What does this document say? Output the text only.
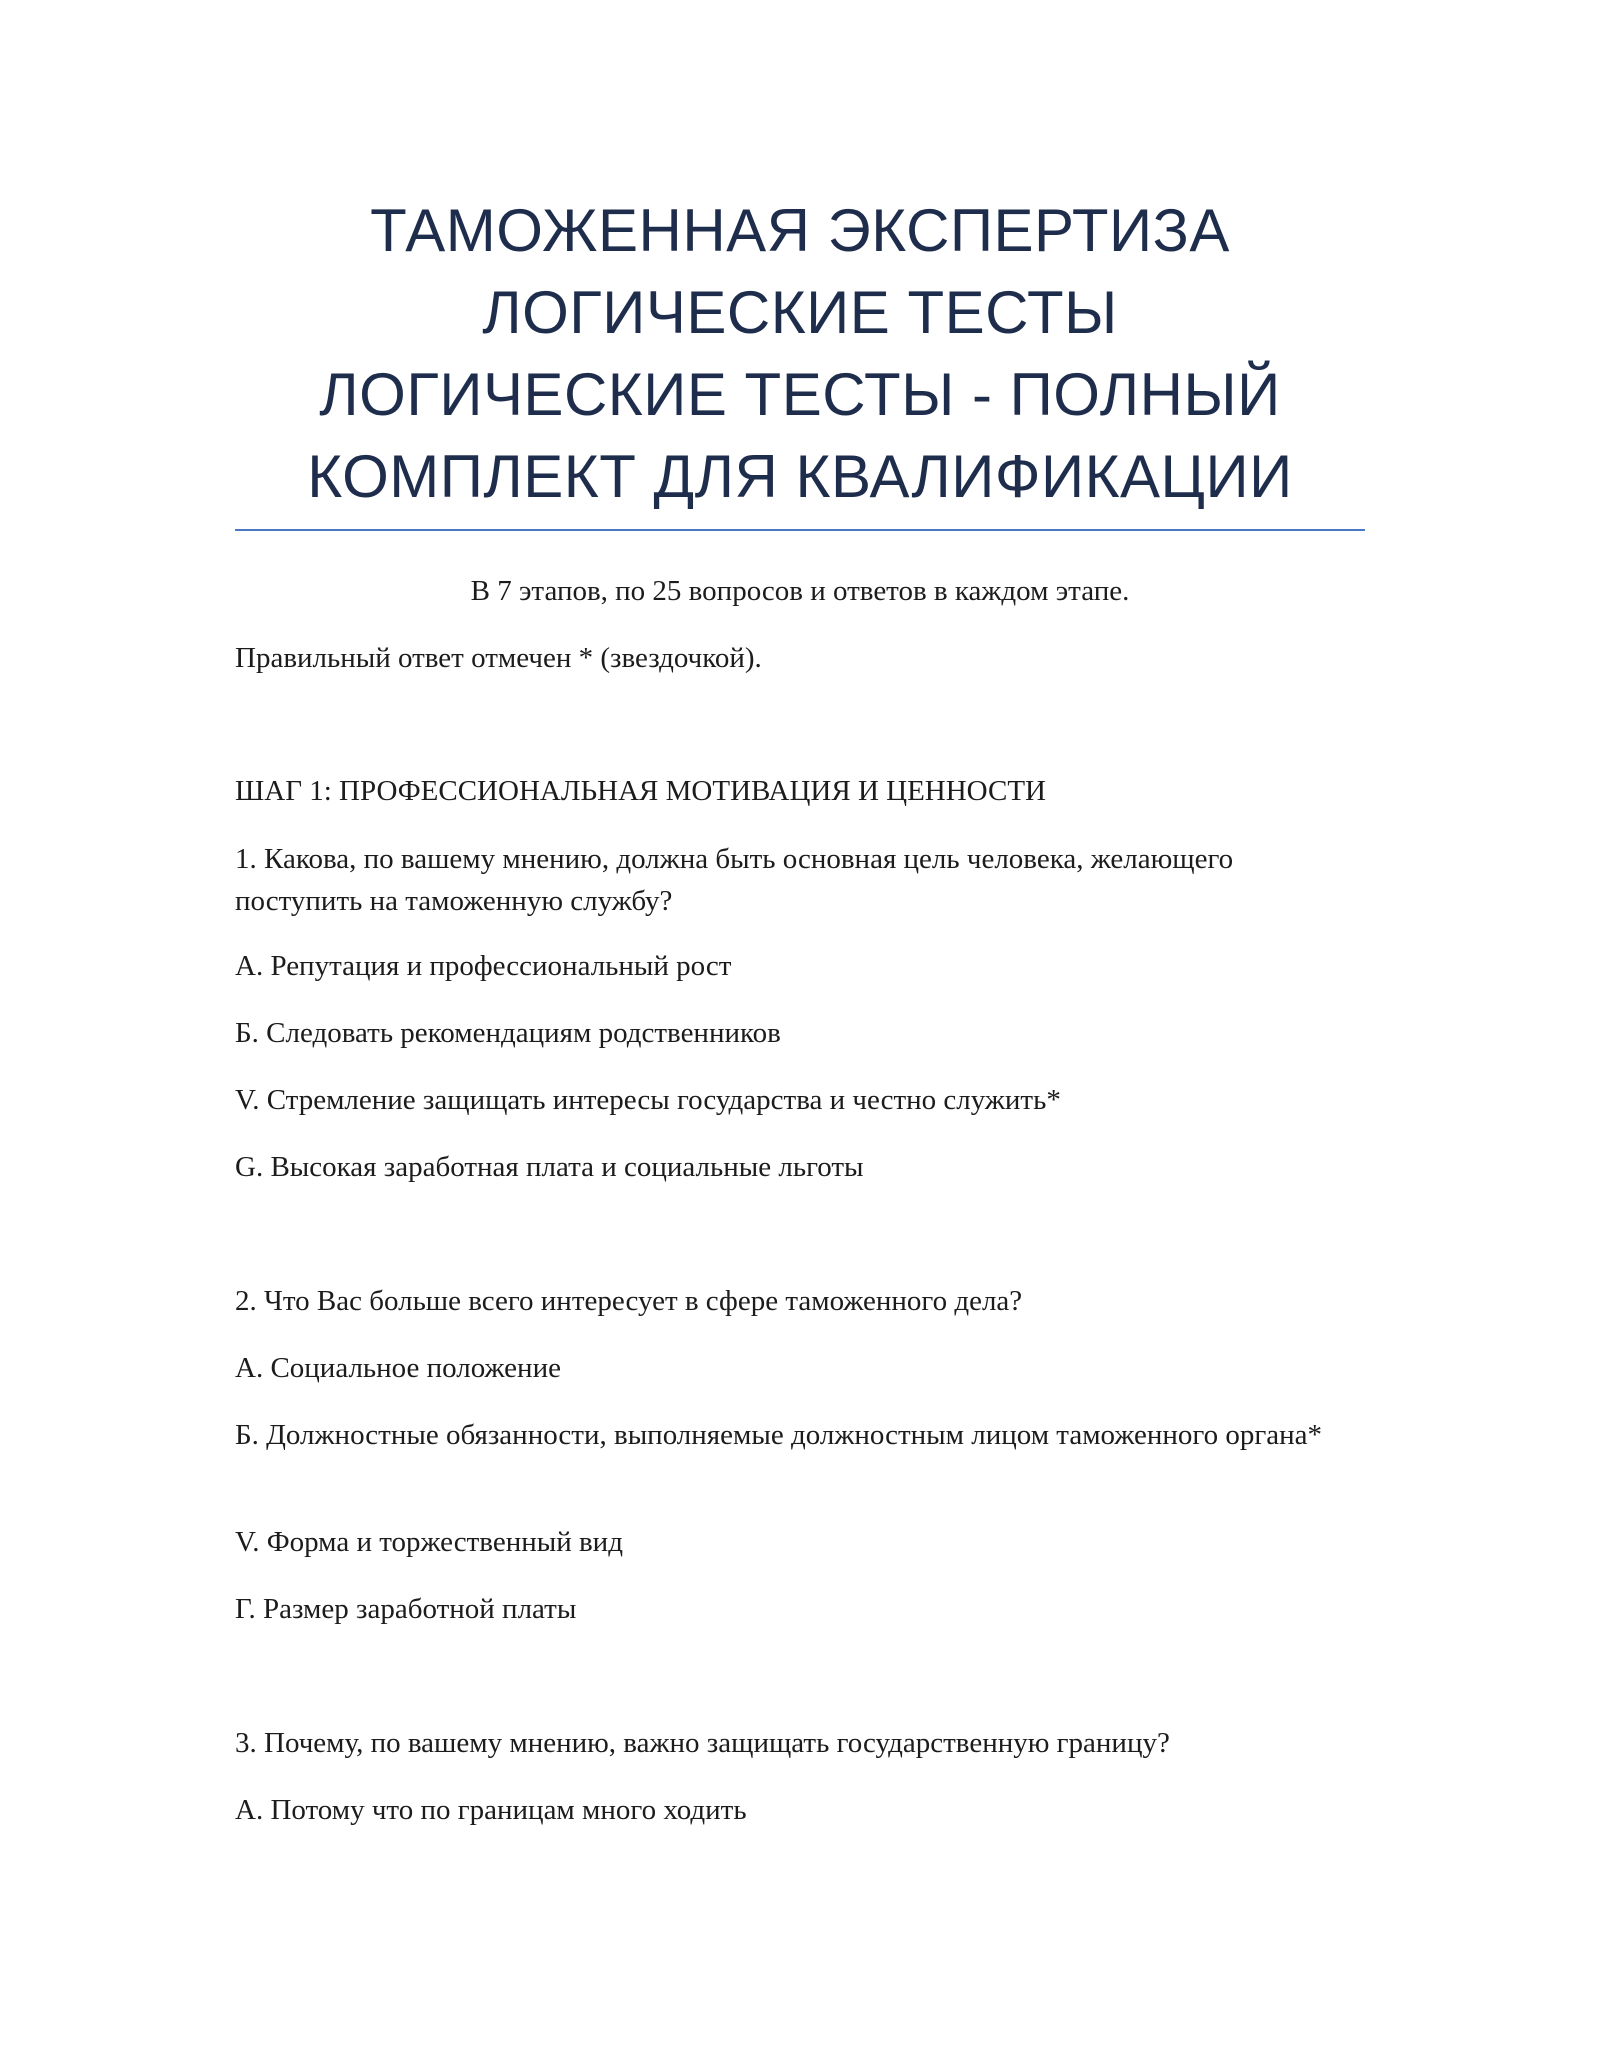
ТАМОЖЕННАЯ ЭКСПЕРТИЗА
ЛОГИЧЕСКИЕ ТЕСТЫ
ЛОГИЧЕСКИЕ ТЕСТЫ - ПОЛНЫЙ
КОМПЛЕКТ ДЛЯ КВАЛИФИКАЦИИ
В 7 этапов, по 25 вопросов и ответов в каждом этапе.
Правильный ответ отмечен * (звездочкой).
ШАГ 1: ПРОФЕССИОНАЛЬНАЯ МОТИВАЦИЯ И ЦЕННОСТИ
1. Какова, по вашему мнению, должна быть основная цель человека, желающего поступить на таможенную службу?
А. Репутация и профессиональный рост
Б. Следовать рекомендациям родственников
V. Стремление защищать интересы государства и честно служить*
G. Высокая заработная плата и социальные льготы
2. Что Вас больше всего интересует в сфере таможенного дела?
А. Социальное положение
Б. Должностные обязанности, выполняемые должностным лицом таможенного органа*
V. Форма и торжественный вид
Г. Размер заработной платы
3. Почему, по вашему мнению, важно защищать государственную границу?
А. Потому что по границам много ходить
